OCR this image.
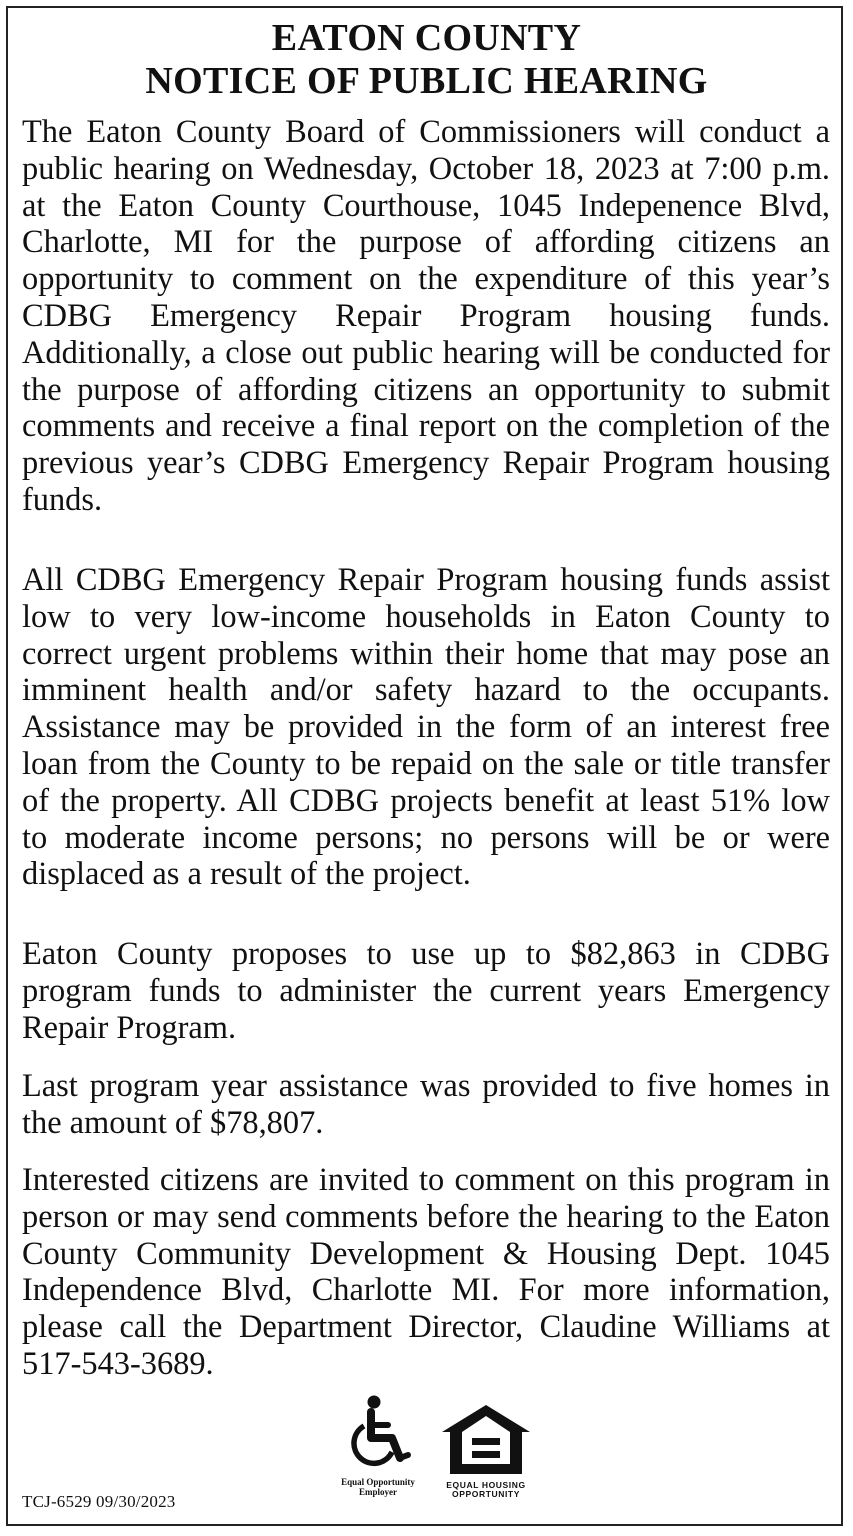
EATON COUNTY
NOTICE OF PUBLIC HEARING

The Eaton County Board of Commissioners will conduct a public hearing on Wednesday, October 18, 2023 at 7:00 p.m. at the Eaton County Courthouse, 1045 Indepenence Blvd, Charlotte, MI for the purpose of affording citizens an opportunity to comment on the expenditure of this year’s CDBG Emergency Repair Program housing funds. Additionally, a close out public hearing will be conducted for the purpose of affording citizens an opportunity to submit comments and receive a final report on the completion of the previous year’s CDBG Emergency Repair Program housing funds.

All CDBG Emergency Repair Program housing funds assist low to very low-income households in Eaton County to correct urgent problems within their home that may pose an imminent health and/or safety hazard to the occupants. Assistance may be provided in the form of an interest free loan from the County to be repaid on the sale or title transfer of the property. All CDBG projects benefit at least 51% low to moderate income persons; no persons will be or were displaced as a result of the project.

Eaton County proposes to use up to $82,863 in CDBG program funds to administer the current years Emergency Repair Program.

Last program year assistance was provided to five homes in the amount of $78,807.

Interested citizens are invited to comment on this program in person or may send comments before the hearing to the Eaton County Community Development & Housing Dept. 1045 Independence Blvd, Charlotte MI. For more information, please call the Department Director, Claudine Williams at 517-543-3689.

Equal Opportunity
Employer
EQUAL HOUSING
OPPORTUNITY
TCJ-6529 09/30/2023
